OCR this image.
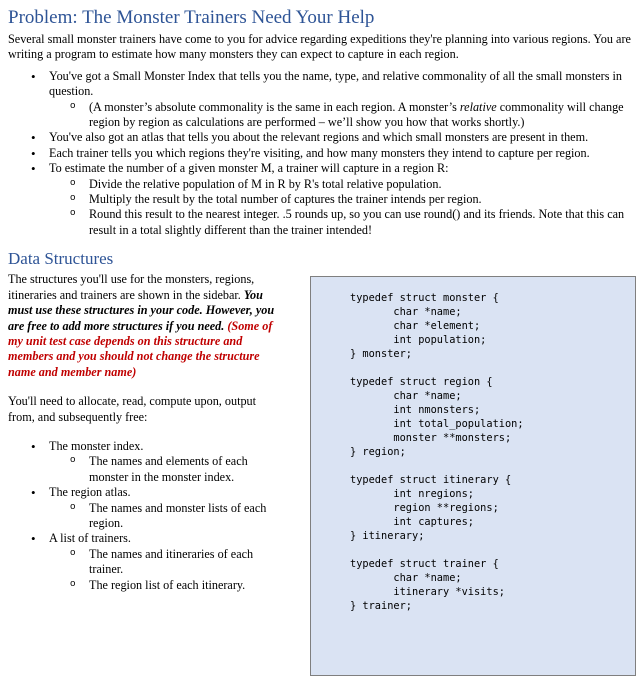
Problem: The Monster Trainers Need Your Help

Several small monster trainers have come to you for advice regarding expeditions they're planning into various regions. You are writing a program to estimate how many monsters they can expect to capture in each region.

• You've got a Small Monster Index that tells you the name, type, and relative commonality of all the small monsters in question.
o (A monster’s absolute commonality is the same in each region. A monster’s relative commonality will change region by region as calculations are performed – we’ll show you how that works shortly.)
• You've also got an atlas that tells you about the relevant regions and which small monsters are present in them.
• Each trainer tells you which regions they're visiting, and how many monsters they intend to capture per region.
• To estimate the number of a given monster M, a trainer will capture in a region R:
o Divide the relative population of M in R by R's total relative population.
o Multiply the result by the total number of captures the trainer intends per region.
o Round this result to the nearest integer. .5 rounds up, so you can use round() and its friends. Note that this can result in a total slightly different than the trainer intended!
Data Structures

The structures you'll use for the monsters, regions, itineraries and trainers are shown in the sidebar. You must use these structures in your code. However, you are free to add more structures if you need. (Some of my unit test case depends on this structure and members and you should not change the structure name and member name)

You'll need to allocate, read, compute upon, output from, and subsequently free:

• The monster index.
o The names and elements of each monster in the monster index.
• The region atlas.
o The names and monster lists of each region.
• A list of trainers.
o The names and itineraries of each trainer.
o The region list of each itinerary.
typedef struct monster {
char *name;
char *element;
int population;
} monster;

typedef struct region {
char *name;
int nmonsters;
int total_population;
monster **monsters;
} region;

typedef struct itinerary {
int nregions;
region **regions;
int captures;
} itinerary;

typedef struct trainer {
char *name;
itinerary *visits;
} trainer;
